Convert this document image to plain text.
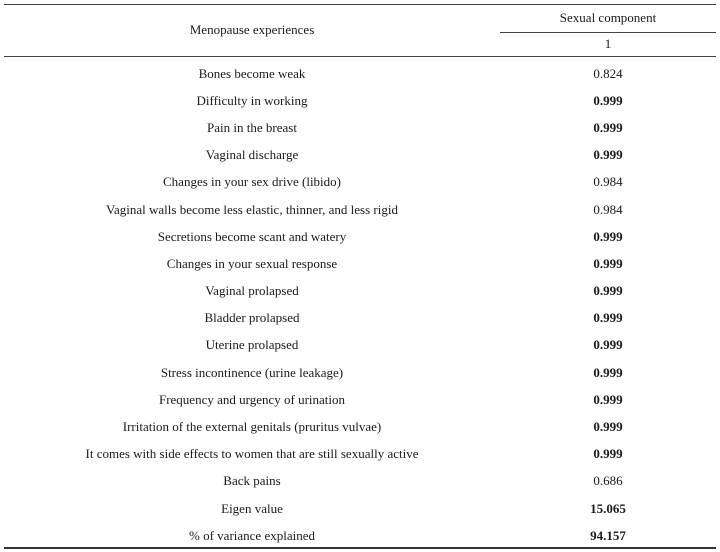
Menopause experiences
Sexual component
1
Bones become weak	0.824
Difficulty in working	0.999
Pain in the breast	0.999
Vaginal discharge	0.999
Changes in your sex drive (libido)	0.984
Vaginal walls become less elastic, thinner, and less rigid	0.984
Secretions become scant and watery	0.999
Changes in your sexual response	0.999
Vaginal prolapsed	0.999
Bladder prolapsed	0.999
Uterine prolapsed	0.999
Stress incontinence (urine leakage)	0.999
Frequency and urgency of urination	0.999
Irritation of the external genitals (pruritus vulvae)	0.999
It comes with side effects to women that are still sexually active	0.999
Back pains	0.686
Eigen value	15.065
% of variance explained	94.157
